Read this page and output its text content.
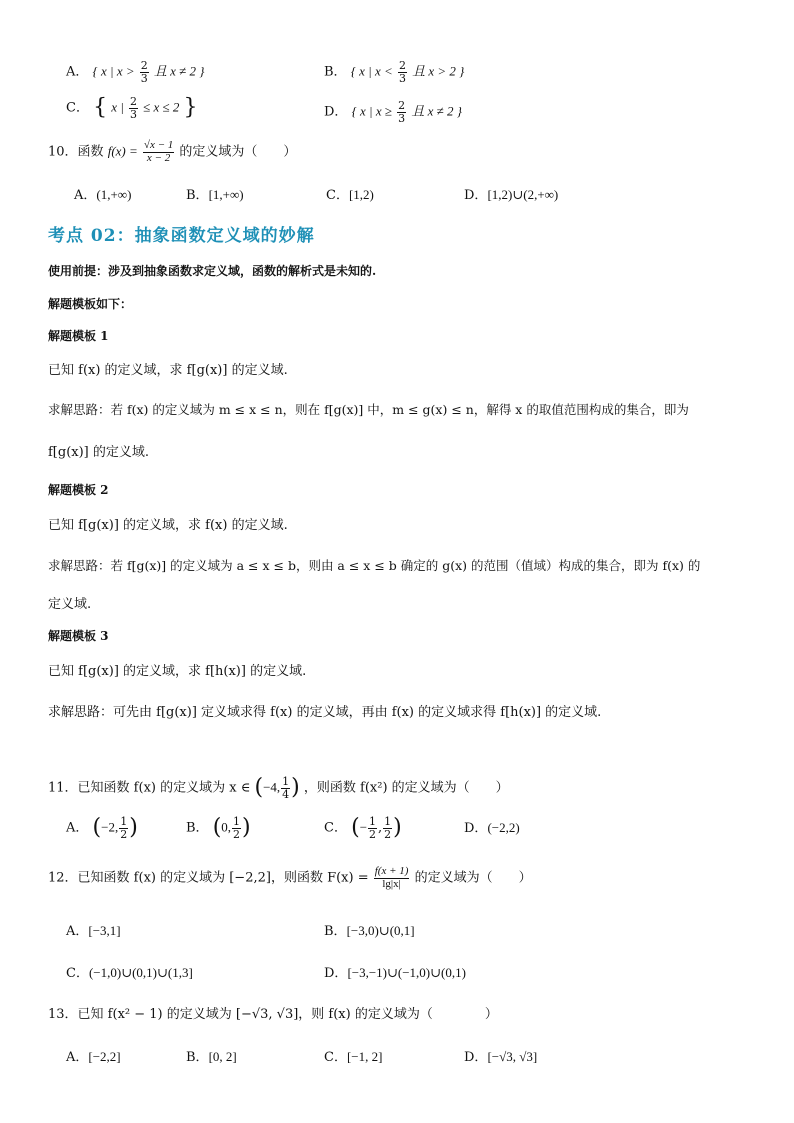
A． { x | $x > \frac{2}{3}$ 且 x ≠ 2 }	B． { x | $x < \frac{2}{3}$ 且 x > 2 }
C． { x | $\frac{2}{3} \le x \le 2$ }	D． { x | $x \ge \frac{2}{3}$ 且 x ≠ 2 }
10．函数 $f(x) = \frac{√x - 1}{x - 2}$ 的定义域为（　　）
A．(1,+∞)	B．[1,+∞)	C．[1,2)	D．[1,2)∪(2,+∞)
考点 02：抽象函数定义域的妙解
使用前提：涉及到抽象函数求定义域，函数的解析式是未知的.
解题模板如下：
解题模板 1
已知 f(x) 的定义域，求 f[g(x)] 的定义域.
求解思路：若 f(x) 的定义域为 m ≤ x ≤ n，则在 f[g(x)] 中，m ≤ g(x) ≤ n，解得 x 的取值范围构成的集合，即为
f[g(x)] 的定义域.
解题模板 2
已知 f[g(x)] 的定义域，求 f(x) 的定义域.
求解思路：若 f[g(x)] 的定义域为 a ≤ x ≤ b，则由 a ≤ x ≤ b 确定的 g(x) 的范围（值域）构成的集合，即为 f(x) 的
定义域.
解题模板 3
已知 f[g(x)] 的定义域，求 f[h(x)] 的定义域.
求解思路：可先由 f[g(x)] 定义域求得 f(x) 的定义域，再由 f(x) 的定义域求得 f[h(x)] 的定义域.
11．已知函数 f(x) 的定义域为 x ∈ (−4, $\frac{1}{4}$ ) ，则函数 f(x²) 的定义域为（　　）
A． (−2, $\frac{1}{2}$ )	B． (0, $\frac{1}{2}$ )	C． (− $\frac{1}{2}$ , $\frac{1}{2}$ )	D．(−2,2)
12．已知函数 f(x) 的定义域为 [−2,2]，则函数 $F(x) = \frac{f(x + 1)}{\lg|x|}$ 的定义域为（　　）
A．[−3,1]	B．[−3,0)∪(0,1]
C．(−1,0)∪(0,1)∪(1,3]	D．[−3,−1)∪(−1,0)∪(0,1)
13．已知 f(x² − 1) 的定义域为 [−√3, √3]，则 f(x) 的定义域为（　　　　）
A．[−2,2]	B．[0, 2]	C．[−1, 2]	D．[−√3, √3]
